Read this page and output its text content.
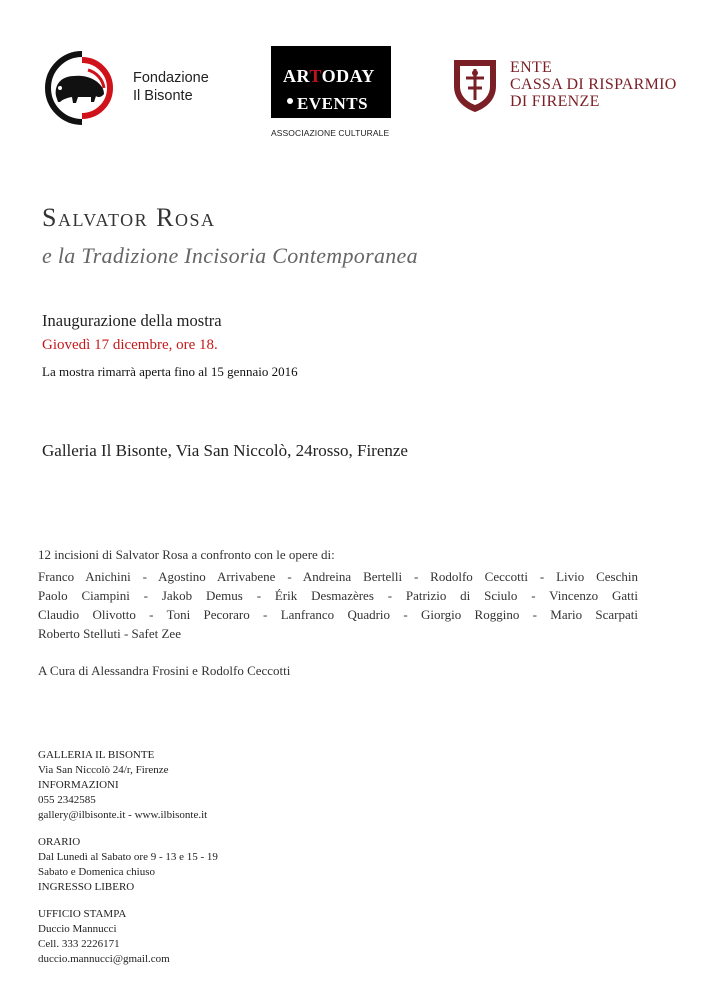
Fondazione
Il Bisonte
ARTODAY
EVENTS
ASSOCIAZIONE CULTURALE
ENTE
CASSA DI RISPARMIO
DI FIRENZE
Salvator Rosa
e la Tradizione Incisoria Contemporanea
Inaugurazione della mostra
Giovedì 17 dicembre, ore 18.
La mostra rimarrà aperta fino al 15 gennaio 2016
Galleria Il Bisonte, Via San Niccolò, 24rosso, Firenze
12 incisioni di Salvator Rosa a confronto con le opere di:
Franco Anichini - Agostino Arrivabene - Andreina Bertelli - Rodolfo Ceccotti - Livio Ceschin
Paolo Ciampini - Jakob Demus - Érik Desmazères - Patrizio di Sciulo - Vincenzo Gatti
Claudio Olivotto - Toni Pecoraro - Lanfranco Quadrio - Giorgio Roggino - Mario Scarpati
Roberto Stelluti - Safet Zee
A Cura di Alessandra Frosini e Rodolfo Ceccotti
GALLERIA IL BISONTE
Via San Niccolò 24/r, Firenze
INFORMAZIONI
055 2342585
gallery@ilbisonte.it - www.ilbisonte.it
ORARIO
Dal Lunedì al Sabato ore 9 - 13 e 15 - 19
Sabato e Domenica chiuso
INGRESSO LIBERO
UFFICIO STAMPA
Duccio Mannucci
Cell. 333 2226171
duccio.mannucci@gmail.com
